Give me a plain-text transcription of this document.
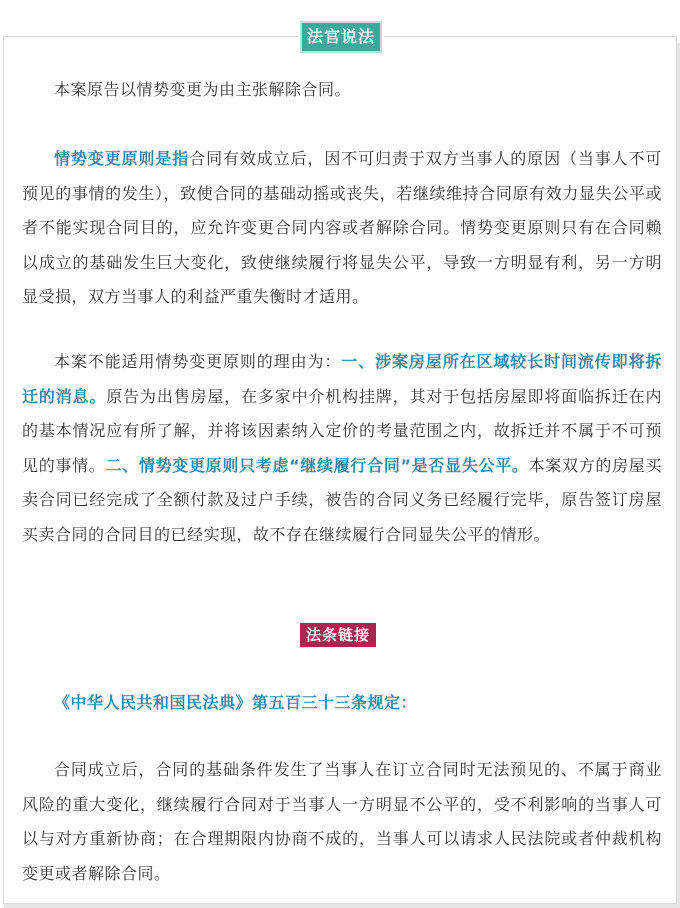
法官说法
本案原告以情势变更为由主张解除合同。
情势变更原则是指合同有效成立后，因不可归责于双方当事人的原因（当事人不可预见的事情的发生），致使合同的基础动摇或丧失，若继续维持合同原有效力显失公平或者不能实现合同目的，应允许变更合同内容或者解除合同。情势变更原则只有在合同赖以成立的基础发生巨大变化，致使继续履行将显失公平，导致一方明显有利，另一方明显受损，双方当事人的利益严重失衡时才适用。
本案不能适用情势变更原则的理由为：一、涉案房屋所在区域较长时间流传即将拆迁的消息。原告为出售房屋，在多家中介机构挂牌，其对于包括房屋即将面临拆迁在内的基本情况应有所了解，并将该因素纳入定价的考量范围之内，故拆迁并不属于不可预见的事情。二、情势变更原则只考虑“继续履行合同”是否显失公平。本案双方的房屋买卖合同已经完成了全额付款及过户手续，被告的合同义务已经履行完毕，原告签订房屋买卖合同的合同目的已经实现，故不存在继续履行合同显失公平的情形。
法条链接
《中华人民共和国民法典》第五百三十三条规定：
合同成立后，合同的基础条件发生了当事人在订立合同时无法预见的、不属于商业风险的重大变化，继续履行合同对于当事人一方明显不公平的，受不利影响的当事人可以与对方重新协商；在合理期限内协商不成的，当事人可以请求人民法院或者仲裁机构变更或者解除合同。
